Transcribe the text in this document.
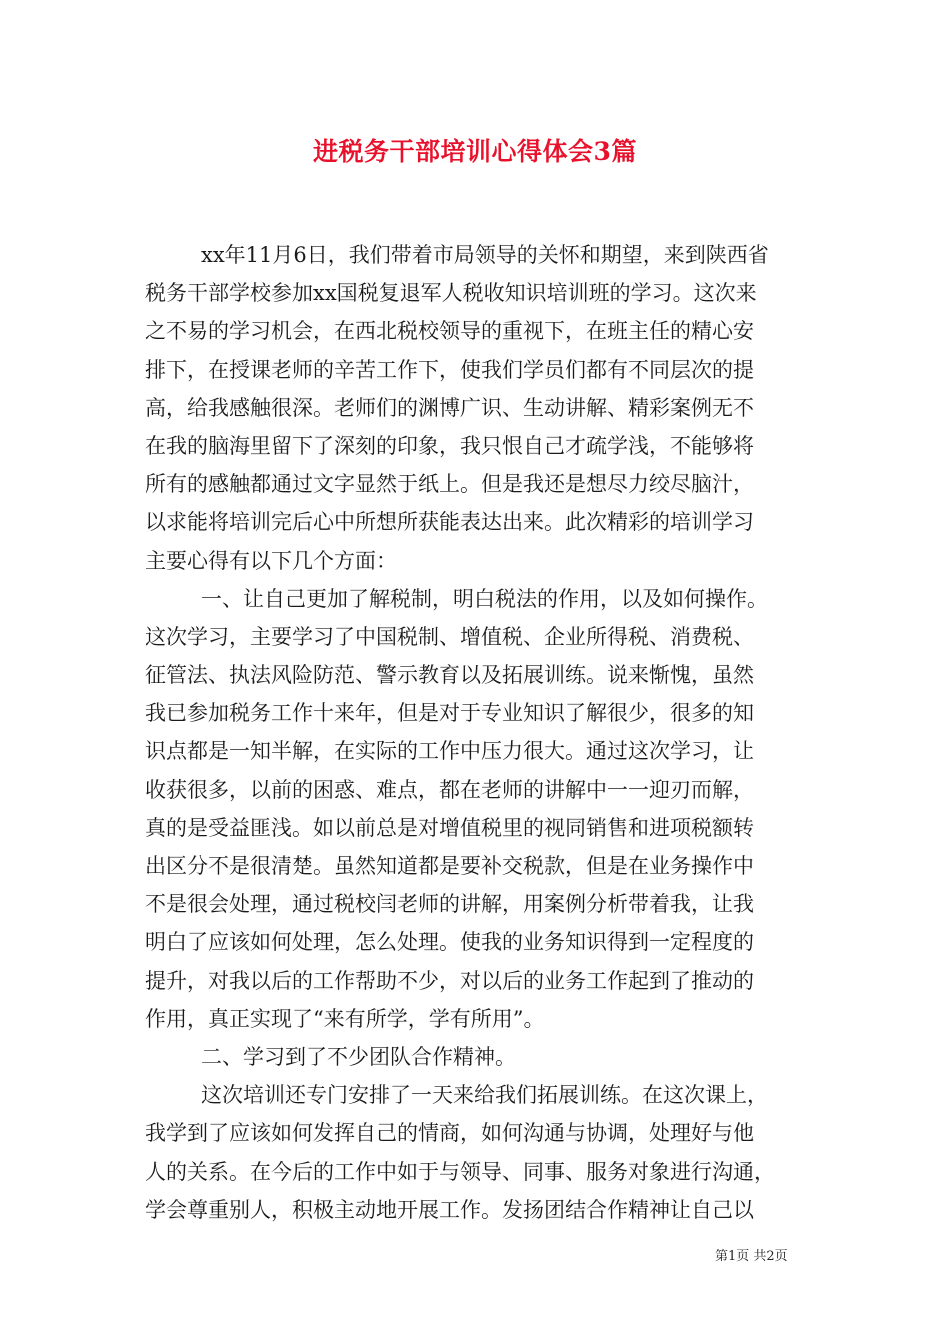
进税务干部培训心得体会3篇
xx年11月6日，我们带着市局领导的关怀和期望，来到陕西省
税务干部学校参加xx国税复退军人税收知识培训班的学习。这次来
之不易的学习机会，在西北税校领导的重视下，在班主任的精心安
排下，在授课老师的辛苦工作下，使我们学员们都有不同层次的提
高，给我感触很深。老师们的渊博广识、生动讲解、精彩案例无不
在我的脑海里留下了深刻的印象，我只恨自己才疏学浅，不能够将
所有的感触都通过文字显然于纸上。但是我还是想尽力绞尽脑汁，
以求能将培训完后心中所想所获能表达出来。此次精彩的培训学习
主要心得有以下几个方面：
一、让自己更加了解税制，明白税法的作用，以及如何操作。
这次学习，主要学习了中国税制、增值税、企业所得税、消费税、
征管法、执法风险防范、警示教育以及拓展训练。说来惭愧，虽然
我已参加税务工作十来年，但是对于专业知识了解很少，很多的知
识点都是一知半解，在实际的工作中压力很大。通过这次学习，让
收获很多，以前的困惑、难点，都在老师的讲解中一一迎刃而解，
真的是受益匪浅。如以前总是对增值税里的视同销售和进项税额转
出区分不是很清楚。虽然知道都是要补交税款，但是在业务操作中
不是很会处理，通过税校闫老师的讲解，用案例分析带着我，让我
明白了应该如何处理，怎么处理。使我的业务知识得到一定程度的
提升，对我以后的工作帮助不少，对以后的业务工作起到了推动的
作用，真正实现了“来有所学，学有所用”。
二、学习到了不少团队合作精神。
这次培训还专门安排了一天来给我们拓展训练。在这次课上，
我学到了应该如何发挥自己的情商，如何沟通与协调，处理好与他
人的关系。在今后的工作中如于与领导、同事、服务对象进行沟通，
学会尊重别人，积极主动地开展工作。发扬团结合作精神让自己以
第1页 共2页
